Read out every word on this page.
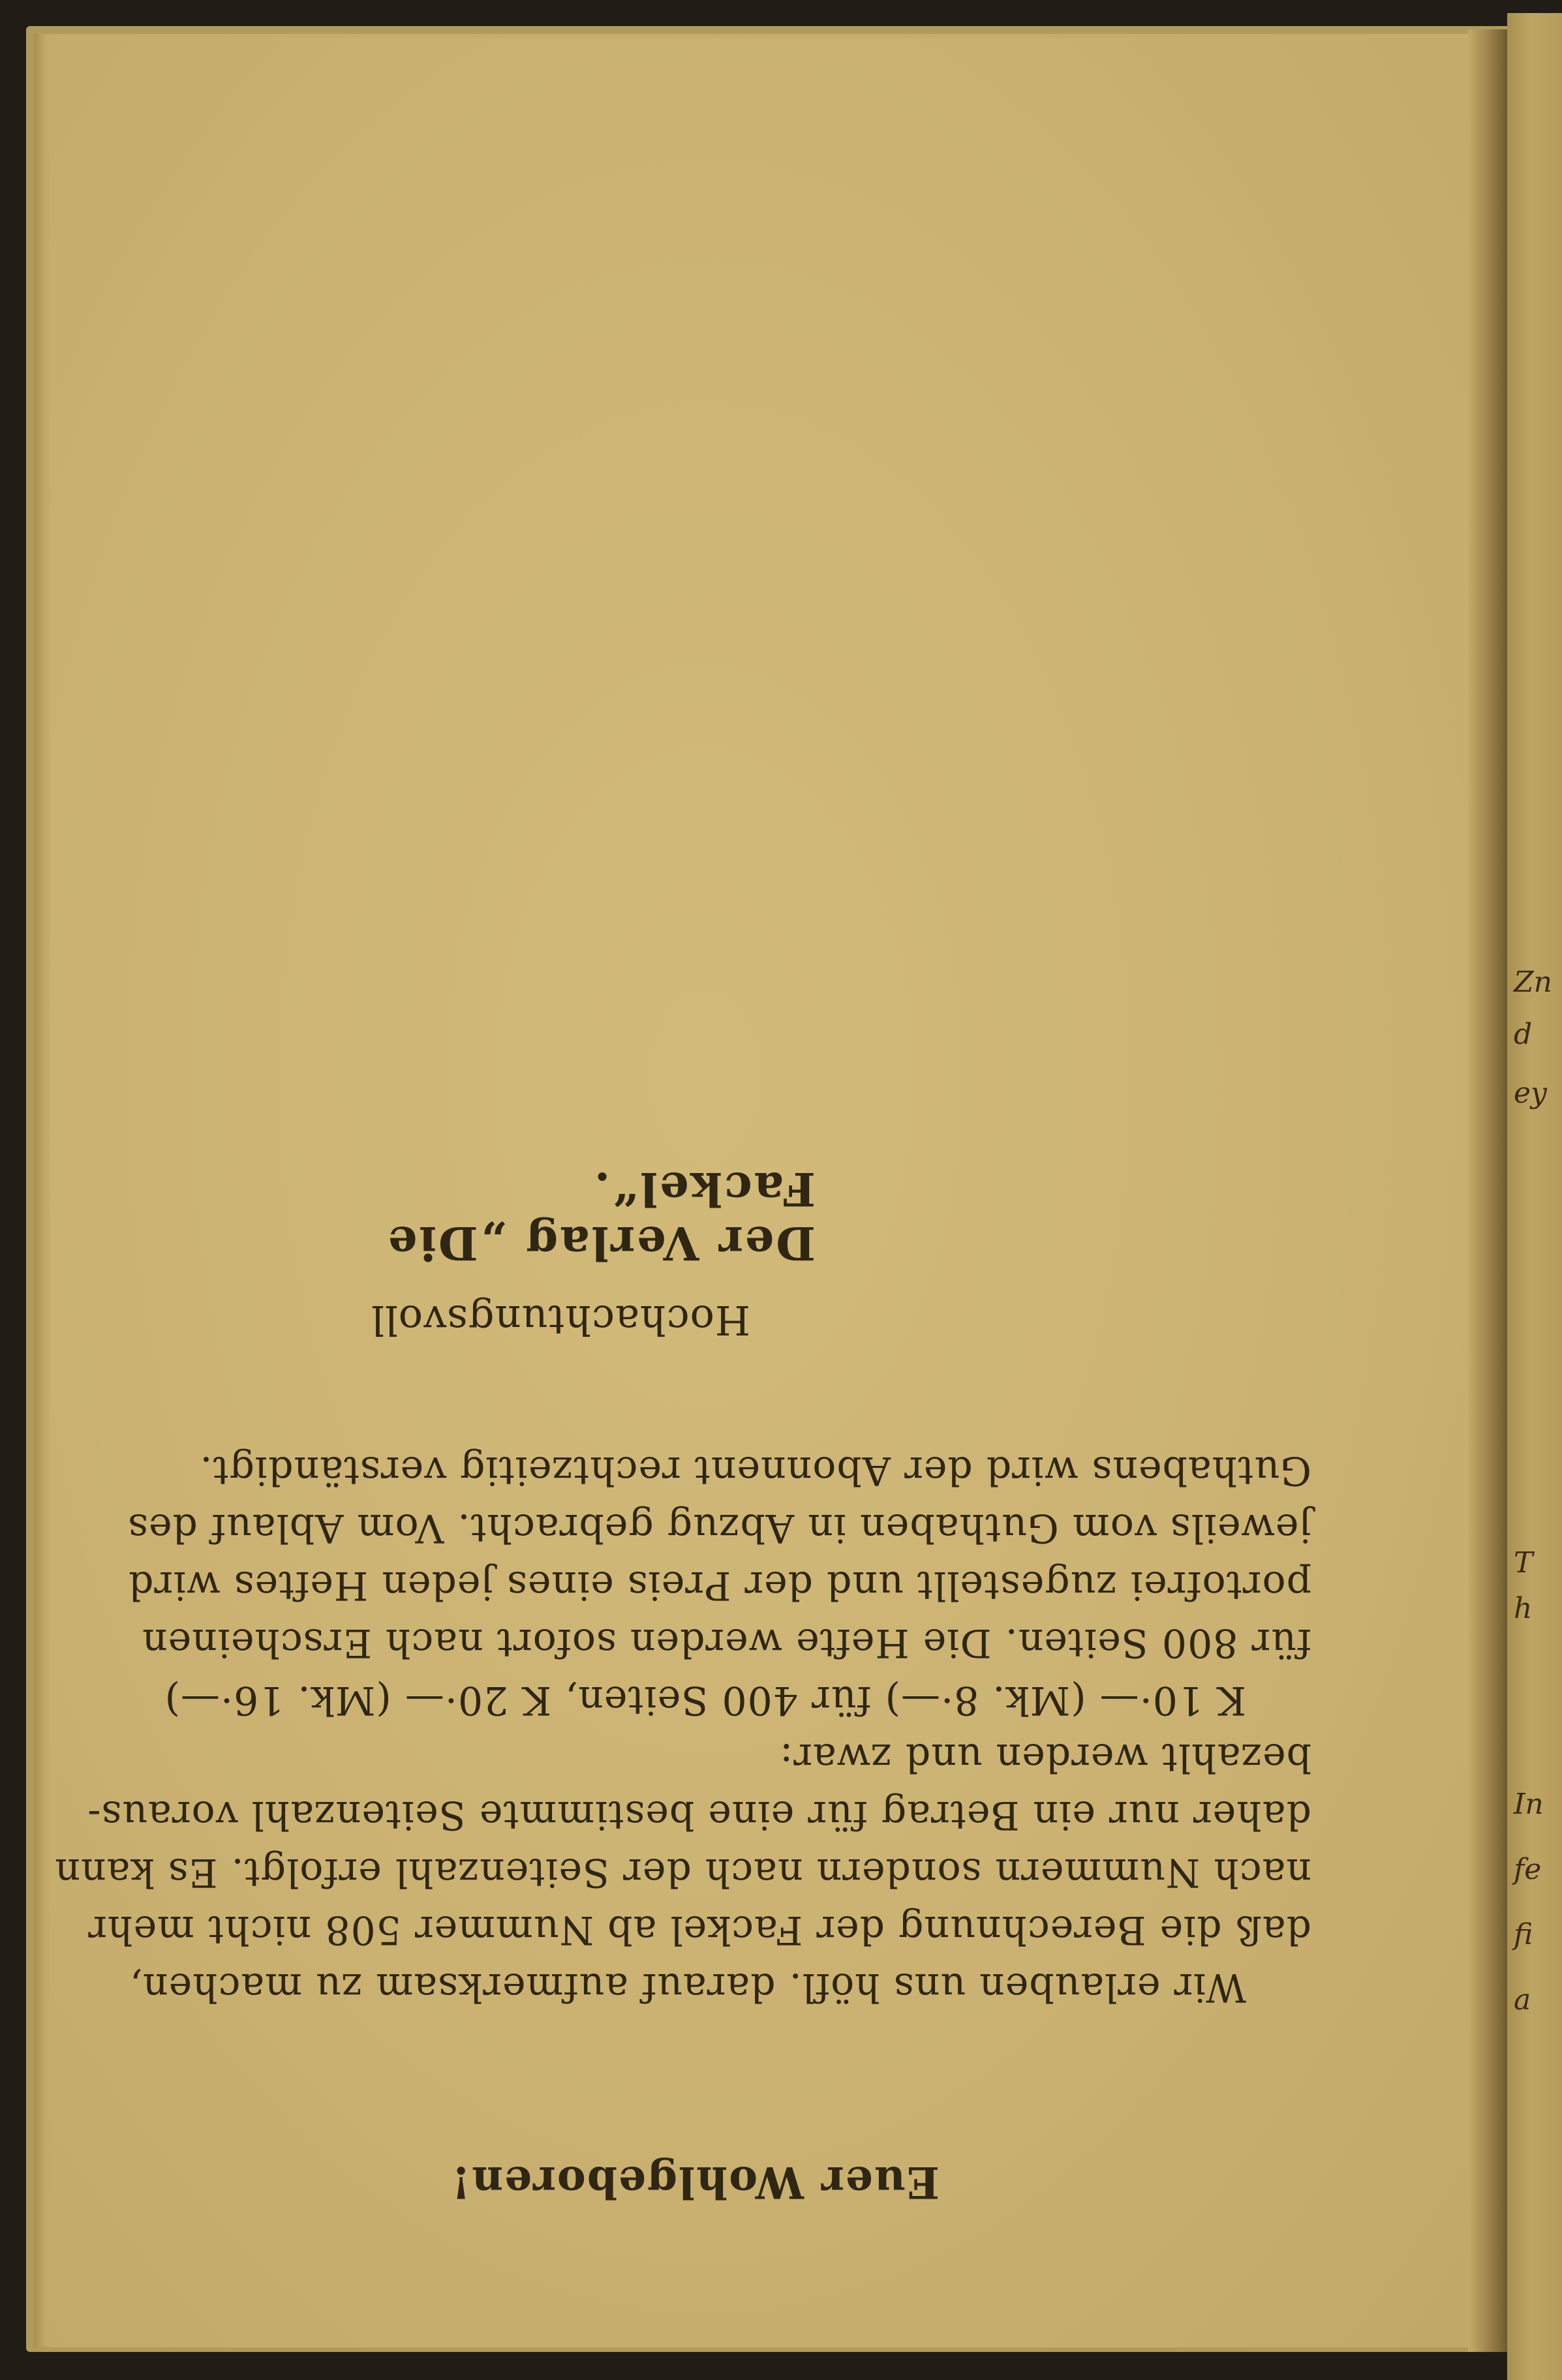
Zn
d
ey
T
h
In
fe
fi
a
Euer Wohlgeboren!
Wir erlauben uns höfl. darauf aufmerksam zu machen,
daß die Berechnung der Fackel ab Nummer 508 nicht mehr
nach Nummern sondern nach der Seitenzahl erfolgt. Es kann
daher nur ein Betrag für eine bestimmte Seitenzahl voraus-
bezahlt werden und zwar:
K 10·— (Mk. 8·—) für 400 Seiten, K 20·— (Mk. 16·—)
für 800 Seiten. Die Hefte werden sofort nach Erscheinen
portofrei zugestellt und der Preis eines jeden Heftes wird
jeweils vom Guthaben in Abzug gebracht. Vom Ablauf des
Guthabens wird der Abonnent rechtzeitig verständigt.
Hochachtungsvoll
Der Verlag „Die Fackel“.
